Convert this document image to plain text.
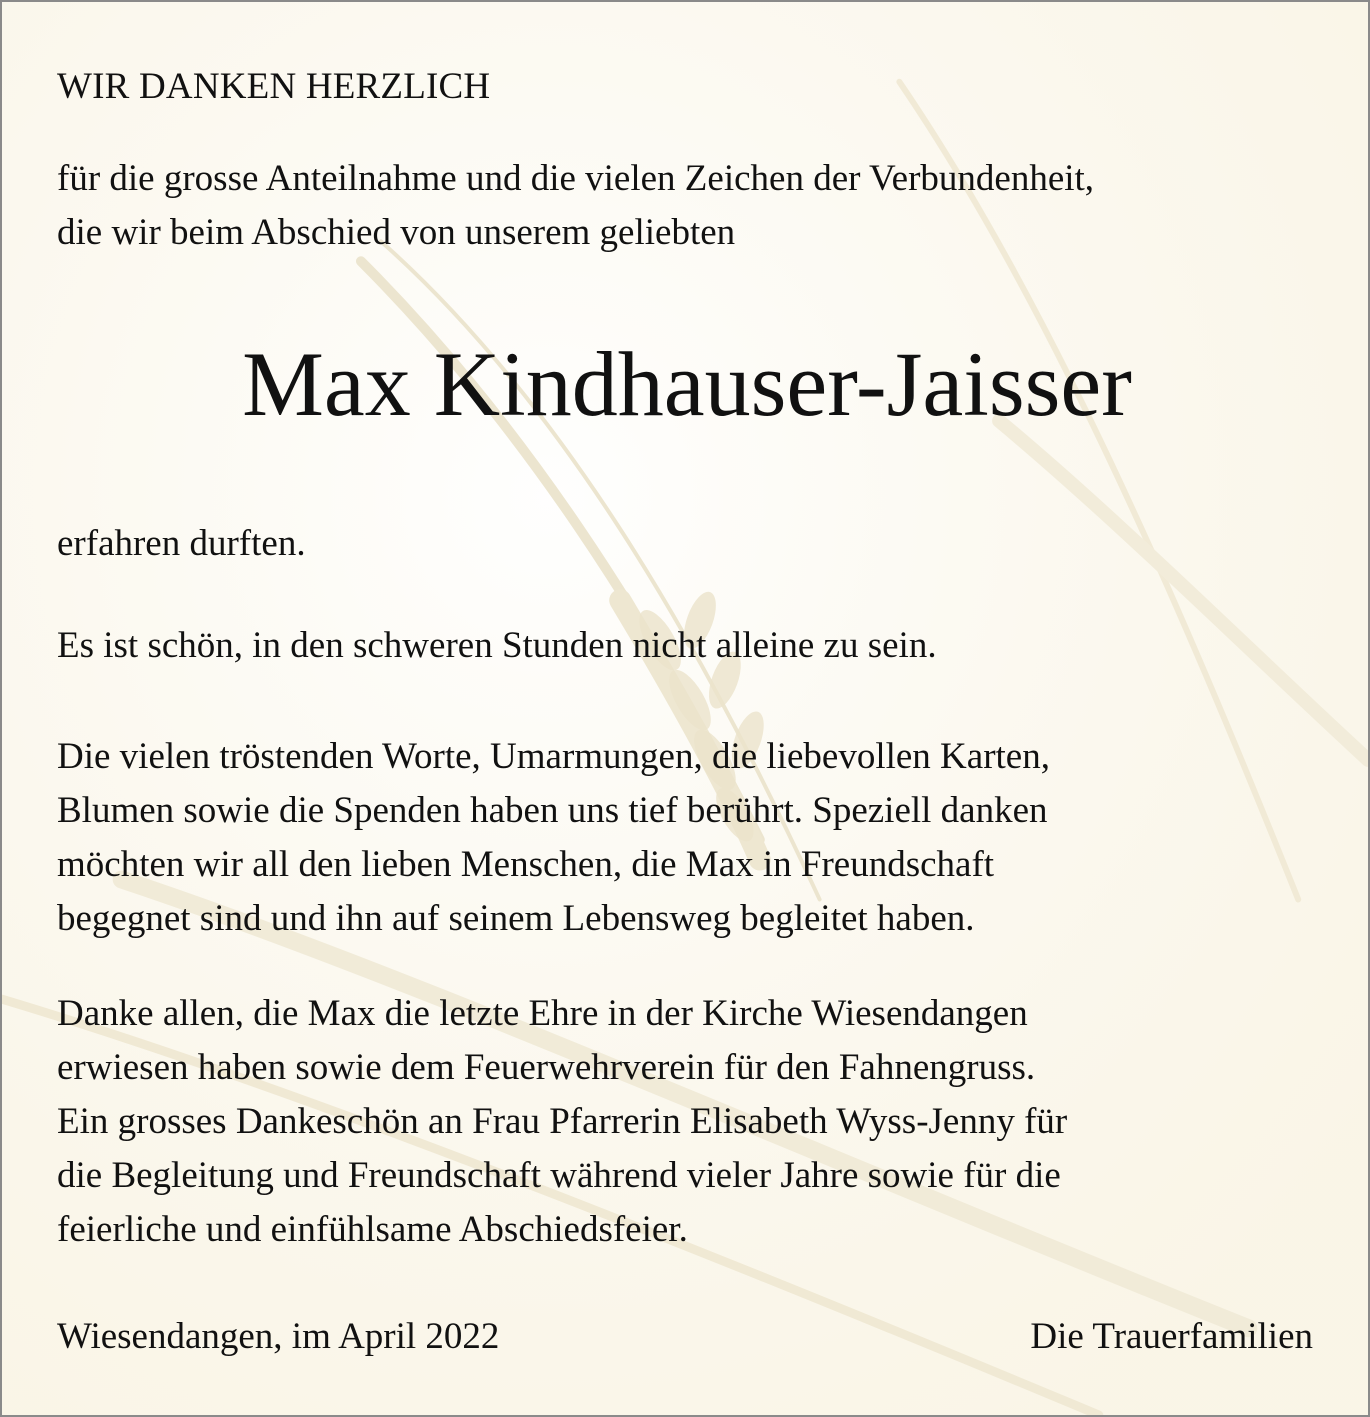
WIR DANKEN HERZLICH

für die grosse Anteilnahme und die vielen Zeichen der Verbundenheit,
die wir beim Abschied von unserem geliebten

Max Kindhauser-Jaisser

erfahren durften.

Es ist schön, in den schweren Stunden nicht alleine zu sein.

Die vielen tröstenden Worte, Umarmungen, die liebevollen Karten,
Blumen sowie die Spenden haben uns tief berührt. Speziell danken
möchten wir all den lieben Menschen, die Max in Freundschaft
begegnet sind und ihn auf seinem Lebensweg begleitet haben.

Danke allen, die Max die letzte Ehre in der Kirche Wiesendangen
erwiesen haben sowie dem Feuerwehrverein für den Fahnengruss.
Ein grosses Dankeschön an Frau Pfarrerin Elisabeth Wyss-Jenny für
die Begleitung und Freundschaft während vieler Jahre sowie für die
feierliche und einfühlsame Abschiedsfeier.

Wiesendangen, im April 2022	Die Trauerfamilien
